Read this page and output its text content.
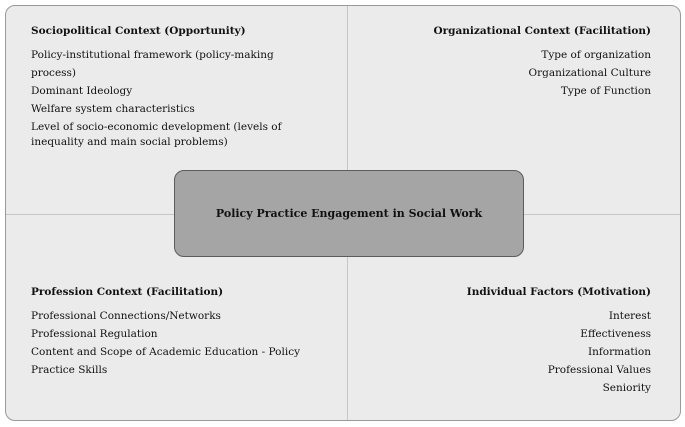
Sociopolitical Context (Opportunity)
Policy-institutional framework (policy-making process)
Dominant Ideology
Welfare system characteristics
Level of socio-economic development (levels of inequality and main social problems)
Organizational Context (Facilitation)
Type of organization
Organizational Culture
Type of Function
Profession Context (Facilitation)
Professional Connections/Networks
Professional Regulation
Content and Scope of Academic Education - Policy Practice Skills
Individual Factors (Motivation)
Interest
Effectiveness
Information
Professional Values
Seniority
Policy Practice Engagement in Social Work
